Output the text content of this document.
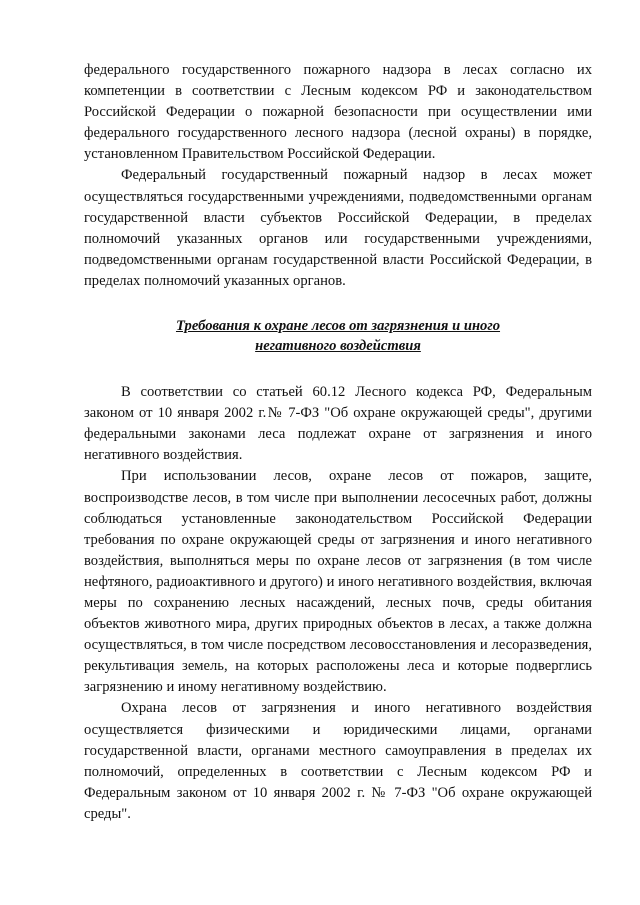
федерального государственного пожарного надзора в лесах согласно их компетенции в соответствии с Лесным кодексом РФ и законодательством Российской Федерации о пожарной безопасности при осуществлении ими федерального государственного лесного надзора (лесной охраны) в порядке, установленном Правительством Российской Федерации.

Федеральный государственный пожарный надзор в лесах может осуществляться государственными учреждениями, подведомственными органам государственной власти субъектов Российской Федерации, в пределах полномочий указанных органов или государственными учреждениями, подведомственными органам государственной власти Российской Федерации, в пределах полномочий указанных органов.

Требования к охране лесов от загрязнения и иного
негативного воздействия

В соответствии со статьей 60.12 Лесного кодекса РФ, Федеральным законом от 10 января 2002 г.№ 7-ФЗ "Об охране окружающей среды", другими федеральными законами леса подлежат охране от загрязнения и иного негативного воздействия.

При использовании лесов, охране лесов от пожаров, защите, воспроизводстве лесов, в том числе при выполнении лесосечных работ, должны соблюдаться установленные законодательством Российской Федерации требования по охране окружающей среды от загрязнения и иного негативного воздействия, выполняться меры по охране лесов от загрязнения (в том числе нефтяного, радиоактивного и другого) и иного негативного воздействия, включая меры по сохранению лесных насаждений, лесных почв, среды обитания объектов животного мира, других природных объектов в лесах, а также должна осуществляться, в том числе посредством лесовосстановления и лесоразведения, рекультивация земель, на которых расположены леса и которые подверглись загрязнению и иному негативному воздействию.

Охрана лесов от загрязнения и иного негативного воздействия осуществляется физическими и юридическими лицами, органами государственной власти, органами местного самоуправления в пределах их полномочий, определенных в соответствии с Лесным кодексом РФ и Федеральным законом от 10 января 2002 г. № 7-ФЗ "Об охране окружающей среды".
